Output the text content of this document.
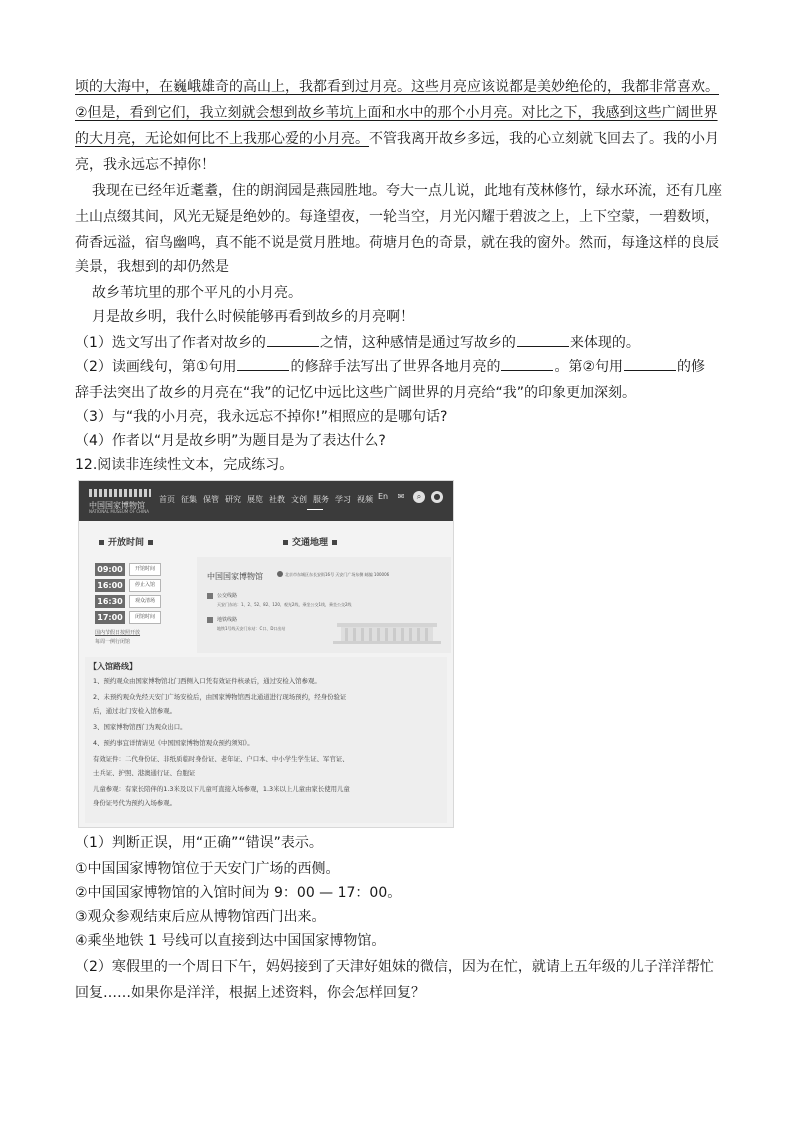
顷的大海中，在巍峨雄奇的高山上，我都看到过月亮。这些月亮应该说都是美妙绝伦的，我都非常喜欢。
②但是，看到它们，我立刻就会想到故乡苇坑上面和水中的那个小月亮。对比之下，我感到这些广阔世界
的大月亮，无论如何比不上我那心爱的小月亮。不管我离开故乡多远，我的心立刻就飞回去了。我的小月
亮，我永远忘不掉你！
我现在已经年近耄耋，住的朗润园是燕园胜地。夸大一点儿说，此地有茂林修竹，绿水环流，还有几座
土山点缀其间，风光无疑是绝妙的。每逢望夜，一轮当空，月光闪耀于碧波之上，上下空蒙，一碧数顷，
荷香远溢，宿鸟幽鸣，真不能不说是赏月胜地。荷塘月色的奇景，就在我的窗外。然而，每逢这样的良辰
美景，我想到的却仍然是
故乡苇坑里的那个平凡的小月亮。
月是故乡明，我什么时候能够再看到故乡的月亮啊！
（1）选文写出了作者对故乡的	之情，这种感情是通过写故乡的	来体现的。
（2）读画线句，第①句用	的修辞手法写出了世界各地月亮的	。第②句用	的修
辞手法突出了故乡的月亮在“我”的记忆中远比这些广阔世界的月亮给“我”的印象更加深刻。
（3）与“我的小月亮，我永远忘不掉你!”相照应的是哪句话?
（4）作者以“月是故乡明”为题目是为了表达什么?
12.阅读非连续性文本，完成练习。
中国国家博物馆
NATIONAL MUSEUM OF CHINA
首页 征集 保管 研究 展览 社教 文创 服务 学习 视频 En	✉	⌕	●
开放时间	交通地理
09:00	开馆时间
16:00	停止入馆
16:30	观众清场
17:00	闭馆时间
国内节假日按照开放
每周一例行闭馆
中国国家博物馆	北京市东城区东长安街16号 天安门广场东侧 邮编 100006
公交线路
天安门东站：1、2、52、82、120、观光2线，乘坐公交1线，乘坐公交2线
地铁线路
地铁1号线天安门东站：C口、D口出站
【入馆路线】
1、预约观众由国家博物馆北门西侧入口凭有效证件核录后，通过安检入馆参观。
2、未预约观众先经天安门广场安检后，由国家博物馆西北通道进行现场预约，经身份验证
后，通过北门安检入馆参观。
3、国家博物馆西门为观众出口。
4、预约事宜详情请见《中国国家博物馆观众预约须知》。
有效证件：二代身份证、非纸质临时身份证、老年证、户口本、中小学生学生证、军官证、
士兵证、护照、港澳通行证、台胞证
儿童参观：有家长陪伴的1.3米及以下儿童可直接入场参观，1.3米以上儿童由家长使用儿童
身份证号代为预约入场参观。
（1）判断正误，用“正确”“错误”表示。
①中国国家博物馆位于天安门广场的西侧。
②中国国家博物馆的入馆时间为 9：00 — 17：00。
③观众参观结束后应从博物馆西门出来。
④乘坐地铁 1 号线可以直接到达中国国家博物馆。
（2）寒假里的一个周日下午，妈妈接到了天津好姐妹的微信，因为在忙，就请上五年级的儿子洋洋帮忙
回复……如果你是洋洋，根据上述资料，你会怎样回复？
